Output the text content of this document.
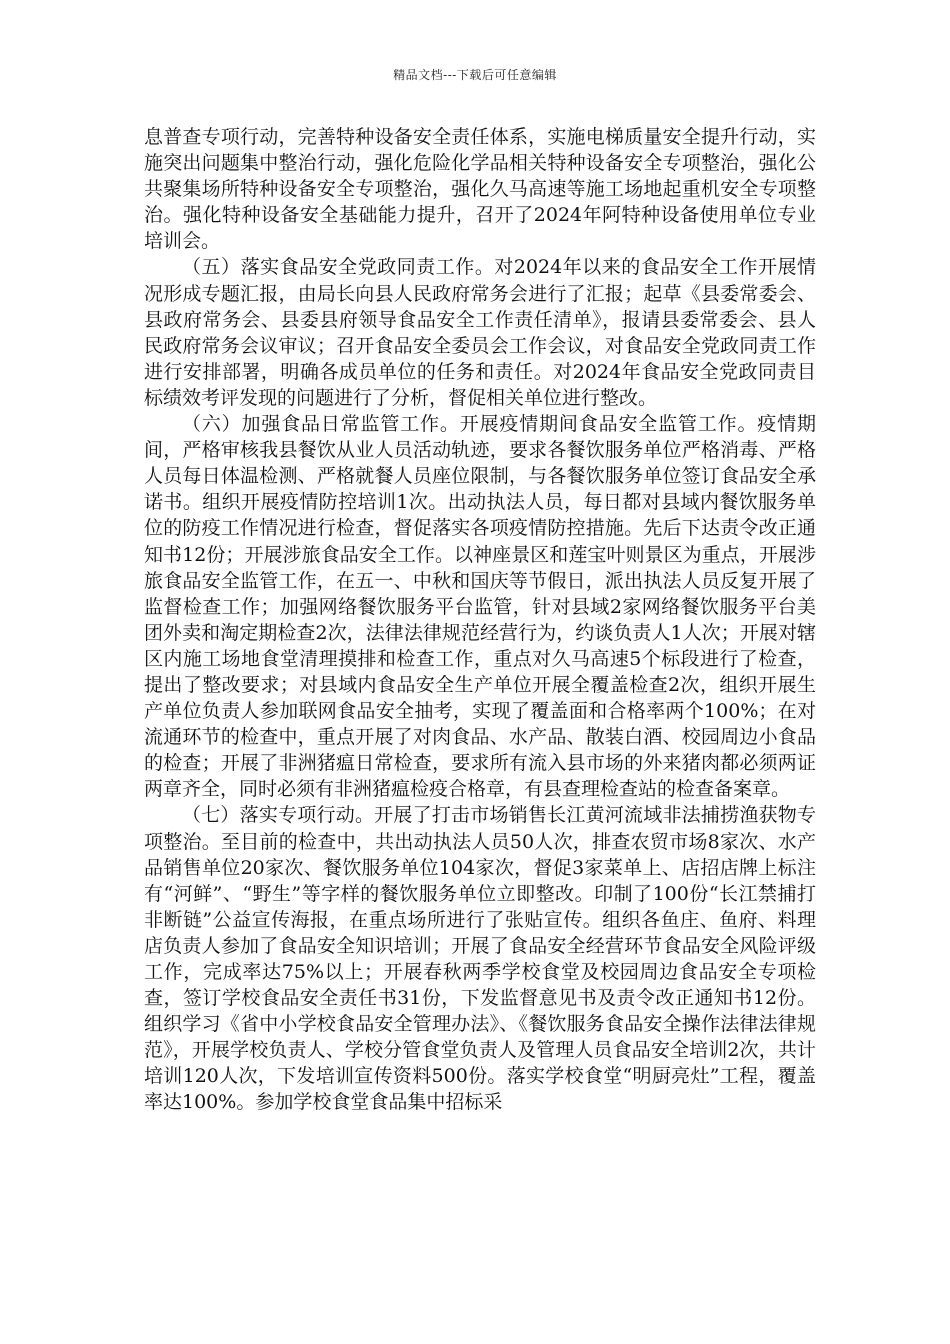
精品文档---下载后可任意编辑

息普查专项行动，完善特种设备安全责任体系，实施电梯质量安全提升行动，实施突出问题集中整治行动，强化危险化学品相关特种设备安全专项整治，强化公共聚集场所特种设备安全专项整治，强化久马高速等施工场地起重机安全专项整治。强化特种设备安全基础能力提升，召开了2024年阿特种设备使用单位专业培训会。

（五）落实食品安全党政同责工作。对2024年以来的食品安全工作开展情况形成专题汇报，由局长向县人民政府常务会进行了汇报；起草《县委常委会、县政府常务会、县委县府领导食品安全工作责任清单》，报请县委常委会、县人民政府常务会议审议；召开食品安全委员会工作会议，对食品安全党政同责工作进行安排部署，明确各成员单位的任务和责任。对2024年食品安全党政同责目标绩效考评发现的问题进行了分析，督促相关单位进行整改。

（六）加强食品日常监管工作。开展疫情期间食品安全监管工作。疫情期间，严格审核我县餐饮从业人员活动轨迹，要求各餐饮服务单位严格消毒、严格人员每日体温检测、严格就餐人员座位限制，与各餐饮服务单位签订食品安全承诺书。组织开展疫情防控培训1次。出动执法人员，每日都对县域内餐饮服务单位的防疫工作情况进行检查，督促落实各项疫情防控措施。先后下达责令改正通知书12份；开展涉旅食品安全工作。以神座景区和莲宝叶则景区为重点，开展涉旅食品安全监管工作，在五一、中秋和国庆等节假日，派出执法人员反复开展了监督检查工作；加强网络餐饮服务平台监管，针对县域2家网络餐饮服务平台美团外卖和淘定期检查2次，法律法律规范经营行为，约谈负责人1人次；开展对辖区内施工场地食堂清理摸排和检查工作，重点对久马高速5个标段进行了检查，提出了整改要求；对县域内食品安全生产单位开展全覆盖检查2次，组织开展生产单位负责人参加联网食品安全抽考，实现了覆盖面和合格率两个100%；在对流通环节的检查中，重点开展了对肉食品、水产品、散装白酒、校园周边小食品的检查；开展了非洲猪瘟日常检查，要求所有流入县市场的外来猪肉都必须两证两章齐全，同时必须有非洲猪瘟检疫合格章，有县查理检查站的检查备案章。

（七）落实专项行动。开展了打击市场销售长江黄河流域非法捕捞渔获物专项整治。至目前的检查中，共出动执法人员50人次，排查农贸市场8家次、水产品销售单位20家次、餐饮服务单位104家次，督促3家菜单上、店招店牌上标注有“河鲜”、“野生”等字样的餐饮服务单位立即整改。印制了100份“长江禁捕打非断链”公益宣传海报，在重点场所进行了张贴宣传。组织各鱼庄、鱼府、料理店负责人参加了食品安全知识培训；开展了食品安全经营环节食品安全风险评级工作，完成率达75%以上；开展春秋两季学校食堂及校园周边食品安全专项检查，签订学校食品安全责任书31份，下发监督意见书及责令改正通知书12份。组织学习《省中小学校食品安全管理办法》、《餐饮服务食品安全操作法律法律规范》，开展学校负责人、学校分管食堂负责人及管理人员食品安全培训2次，共计培训120人次，下发培训宣传资料500份。落实学校食堂“明厨亮灶”工程，覆盖率达100%。参加学校食堂食品集中招标采
